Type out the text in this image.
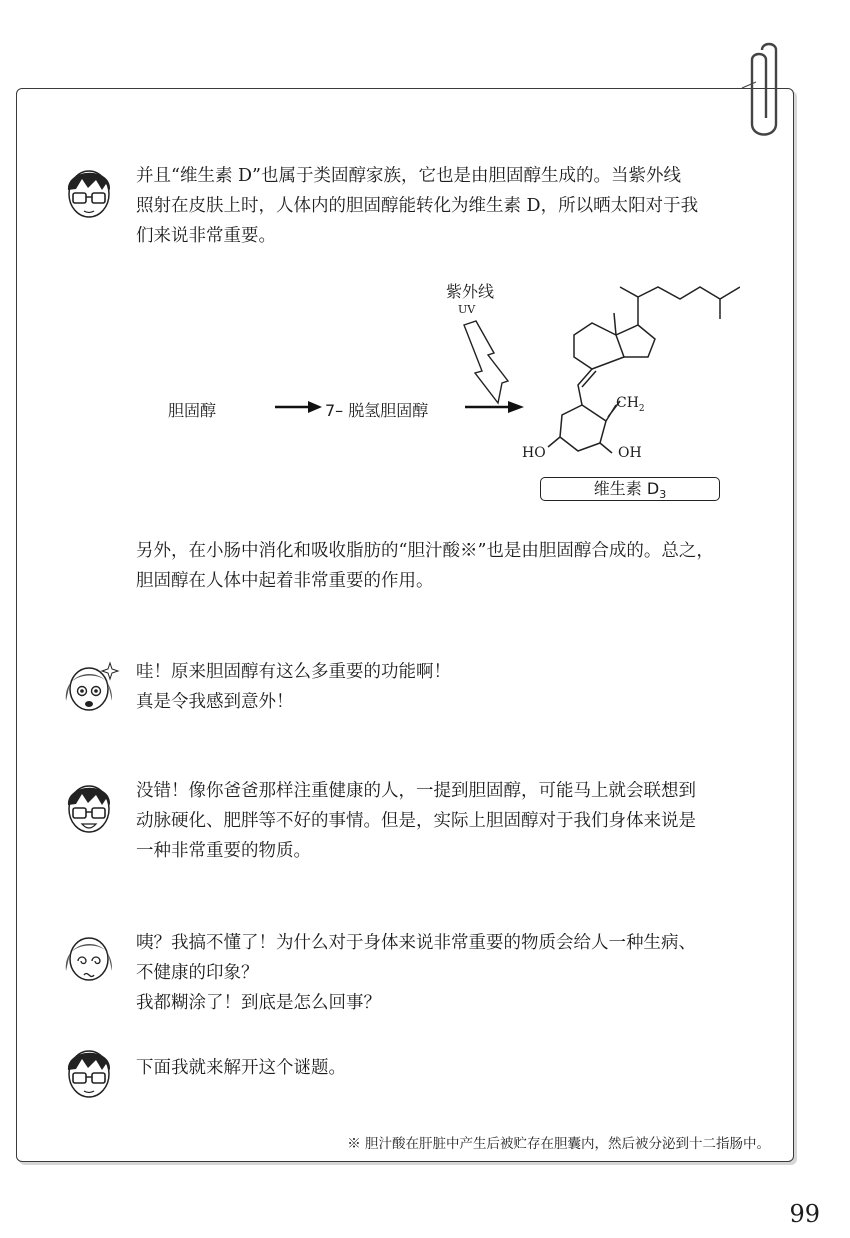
并且“维生素 D”也属于类固醇家族，它也是由胆固醇生成的。当紫外线
照射在皮肤上时，人体内的胆固醇能转化为维生素 D，所以晒太阳对于我
们来说非常重要。
紫外线
UV
胆固醇	7– 脱氢胆固醇	$CH_2$
HO	OH
维生素 $D_3$
另外，在小肠中消化和吸收脂肪的“胆汁酸※”也是由胆固醇合成的。总之，
胆固醇在人体中起着非常重要的作用。
哇！原来胆固醇有这么多重要的功能啊！
真是令我感到意外！
没错！像你爸爸那样注重健康的人，一提到胆固醇，可能马上就会联想到
动脉硬化、肥胖等不好的事情。但是，实际上胆固醇对于我们身体来说是
一种非常重要的物质。
咦？我搞不懂了！为什么对于身体来说非常重要的物质会给人一种生病、
不健康的印象？
我都糊涂了！到底是怎么回事？
下面我就来解开这个谜题。
※ 胆汁酸在肝脏中产生后被贮存在胆囊内，然后被分泌到十二指肠中。
99
